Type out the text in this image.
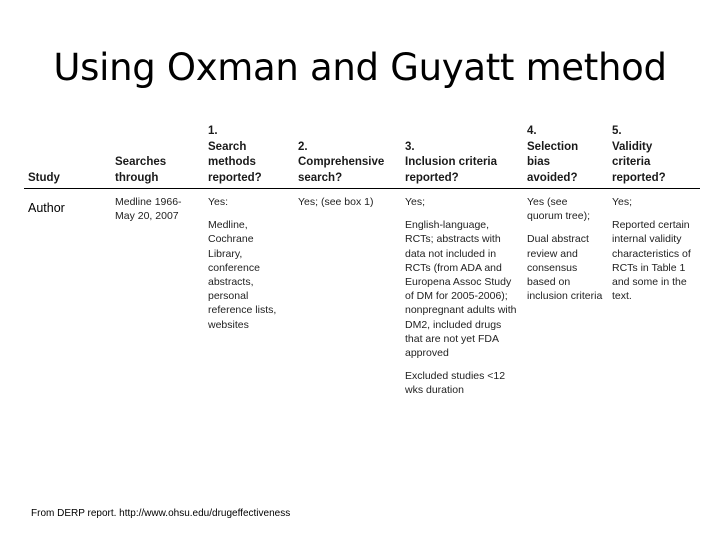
Using Oxman and Guyatt method
Study
Searches
through
1.
Search
methods
reported?
2.
Comprehensive
search?
3.
Inclusion criteria
reported?
4.
Selection
bias
avoided?
5.
Validity
criteria
reported?
Author	Medline 1966-
May 20, 2007

Yes:

Medline,
Cochrane
Library,
conference
abstracts,
personal
reference lists,
websites

Yes; (see box 1)	Yes;

English-language,
RCTs; abstracts with
data not included in
RCTs (from ADA and
Europena Assoc Study
of DM for 2005-2006);
nonpregnant adults with
DM2, included drugs
that are not yet FDA
approved

Excluded studies <12
wks duration

Yes (see
quorum tree);

Dual abstract
review and
consensus
based on
inclusion criteria

Yes;

Reported certain
internal validity
characteristics of
RCTs in Table 1
and some in the
text.

From DERP report. http://www.ohsu.edu/drugeffectiveness
